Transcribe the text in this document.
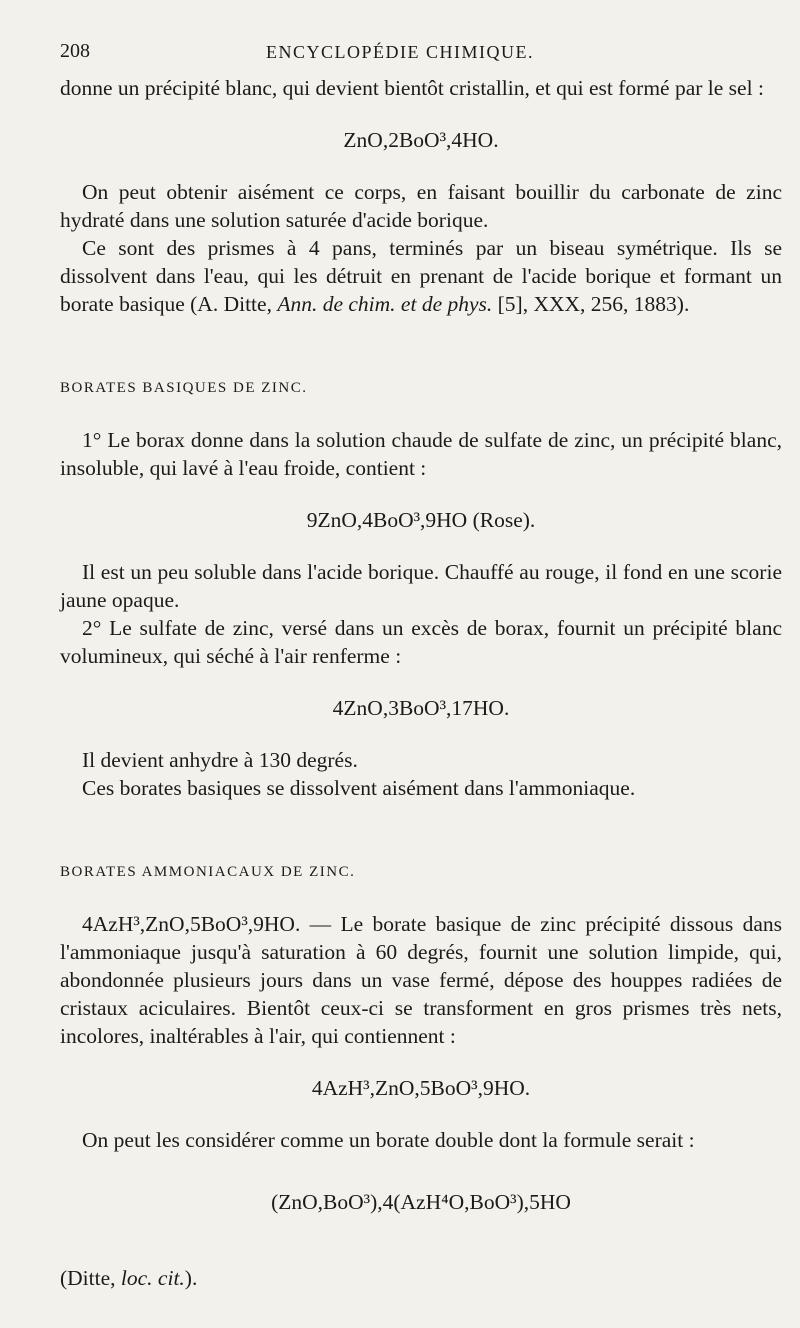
208	ENCYCLOPÉDIE CHIMIQUE.

donne un précipité blanc, qui devient bientôt cristallin, et qui est formé par le sel :

ZnO,2BoO³,4HO.

On peut obtenir aisément ce corps, en faisant bouillir du carbonate de zinc hydraté dans une solution saturée d'acide borique.

Ce sont des prismes à 4 pans, terminés par un biseau symétrique. Ils se dissolvent dans l'eau, qui les détruit en prenant de l'acide borique et formant un borate basique (A. Ditte, Ann. de chim. et de phys. [5], XXX, 256, 1883).

BORATES BASIQUES DE ZINC.

1° Le borax donne dans la solution chaude de sulfate de zinc, un précipité blanc, insoluble, qui lavé à l'eau froide, contient :

9ZnO,4BoO³,9HO (Rose).

Il est un peu soluble dans l'acide borique. Chauffé au rouge, il fond en une scorie jaune opaque.

2° Le sulfate de zinc, versé dans un excès de borax, fournit un précipité blanc volumineux, qui séché à l'air renferme :

4ZnO,3BoO³,17HO.

Il devient anhydre à 130 degrés.

Ces borates basiques se dissolvent aisément dans l'ammoniaque.

BORATES AMMONIACAUX DE ZINC.

4AzH³,ZnO,5BoO³,9HO. — Le borate basique de zinc précipité dissous dans l'ammoniaque jusqu'à saturation à 60 degrés, fournit une solution limpide, qui, abondonnée plusieurs jours dans un vase fermé, dépose des houppes radiées de cristaux aciculaires. Bientôt ceux-ci se transforment en gros prismes très nets, incolores, inaltérables à l'air, qui contiennent :

4AzH³,ZnO,5BoO³,9HO.

On peut les considérer comme un borate double dont la formule serait :

(ZnO,BoO³),4(AzH⁴O,BoO³),5HO

(Ditte, loc. cit.).
